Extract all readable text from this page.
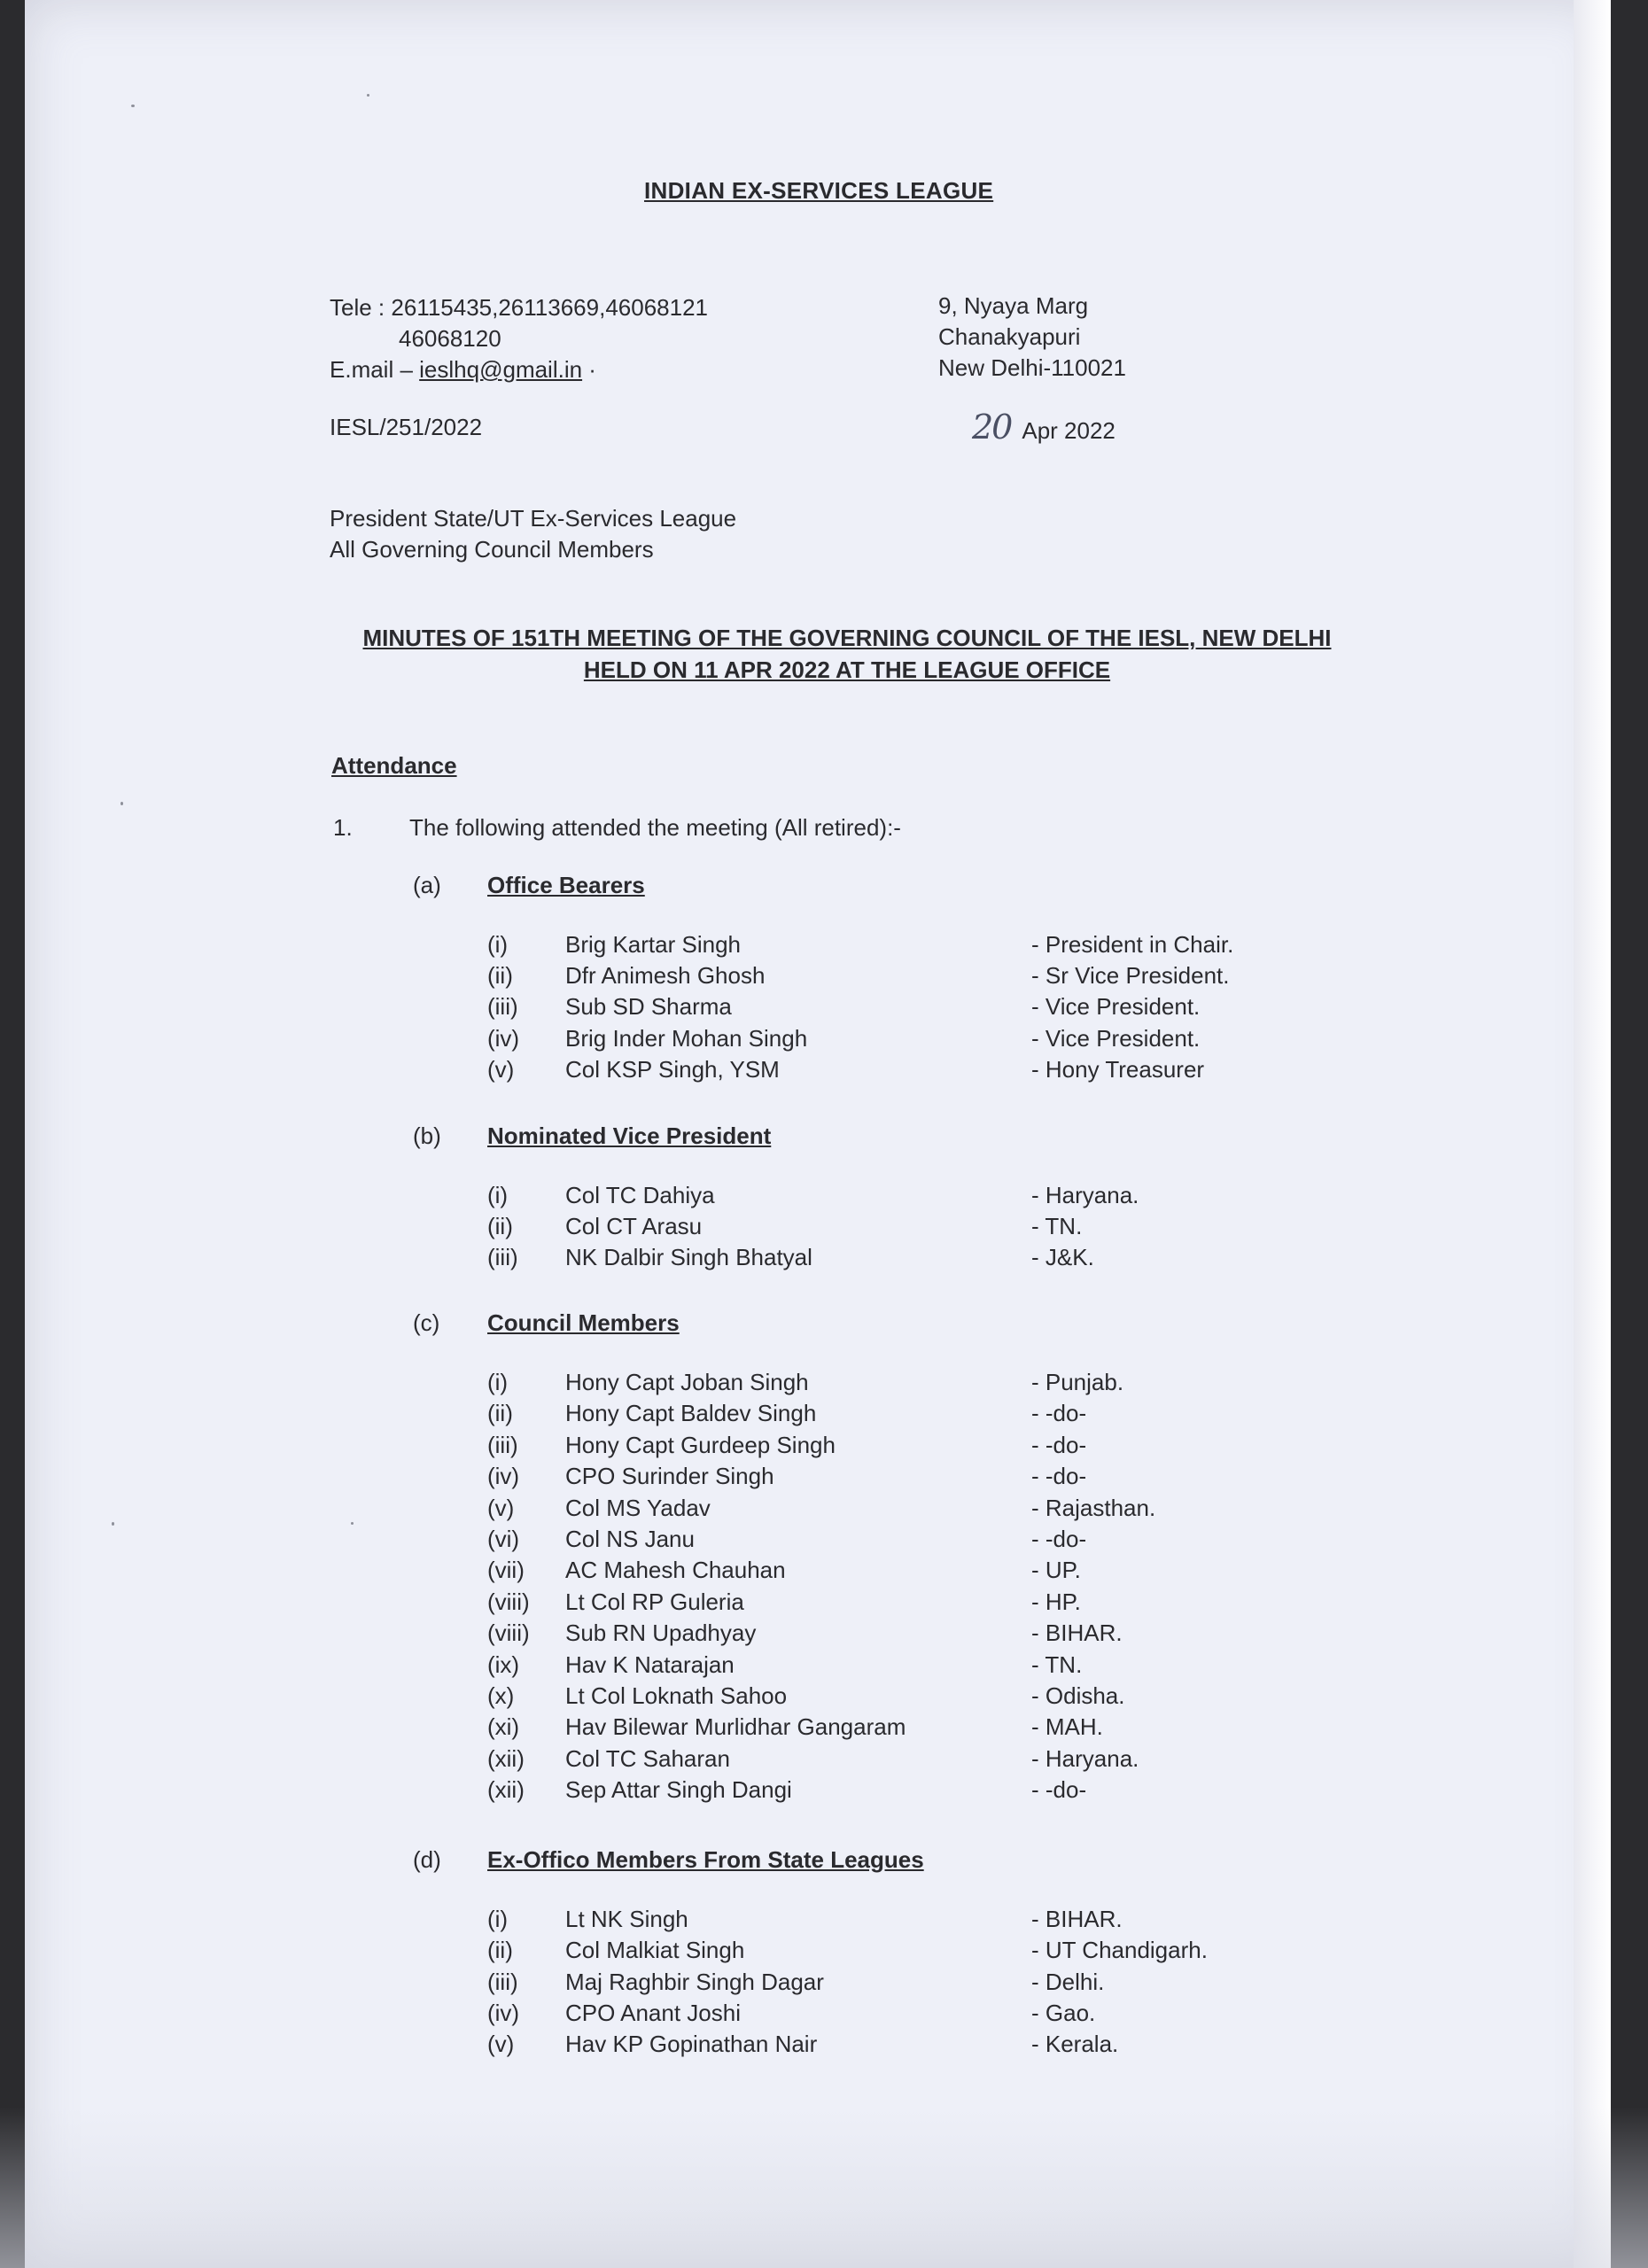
INDIAN EX-SERVICES LEAGUE
Tele : 26115435,26113669,46068121
46068120
E.mail – ieslhq@gmail.in ·
9, Nyaya Marg
Chanakyapuri
New Delhi-110021
IESL/251/2022	20 Apr 2022
President State/UT Ex-Services League
All Governing Council Members
MINUTES OF 151TH MEETING OF THE GOVERNING COUNCIL OF THE IESL, NEW DELHI HELD ON 11 APR 2022 AT THE LEAGUE OFFICE
Attendance
1. The following attended the meeting (All retired):-
(a) Office Bearers
(i) Brig Kartar Singh	- President in Chair.
(ii) Dfr Animesh Ghosh	- Sr Vice President.
(iii) Sub SD Sharma	- Vice President.
(iv) Brig Inder Mohan Singh	- Vice President.
(v) Col KSP Singh, YSM	- Hony Treasurer
(b) Nominated Vice President
(i) Col TC Dahiya	- Haryana.
(ii) Col CT Arasu	- TN.
(iii) NK Dalbir Singh Bhatyal	- J&K.
(c) Council Members
(i) Hony Capt Joban Singh	- Punjab.
(ii) Hony Capt Baldev Singh	- -do-
(iii) Hony Capt Gurdeep Singh	- -do-
(iv) CPO Surinder Singh	- -do-
(v) Col MS Yadav	- Rajasthan.
(vi) Col NS Janu	- -do-
(vii) AC Mahesh Chauhan	- UP.
(viii) Lt Col RP Guleria	- HP.
(viii) Sub RN Upadhyay	- BIHAR.
(ix) Hav K Natarajan	- TN.
(x) Lt Col Loknath Sahoo	- Odisha.
(xi) Hav Bilewar Murlidhar Gangaram	- MAH.
(xii) Col TC Saharan	- Haryana.
(xii) Sep Attar Singh Dangi	- -do-
(d) Ex-Offico Members From State Leagues
(i) Lt NK Singh	- BIHAR.
(ii) Col Malkiat Singh	- UT Chandigarh.
(iii) Maj Raghbir Singh Dagar	- Delhi.
(iv) CPO Anant Joshi	- Gao.
(v) Hav KP Gopinathan Nair	- Kerala.
